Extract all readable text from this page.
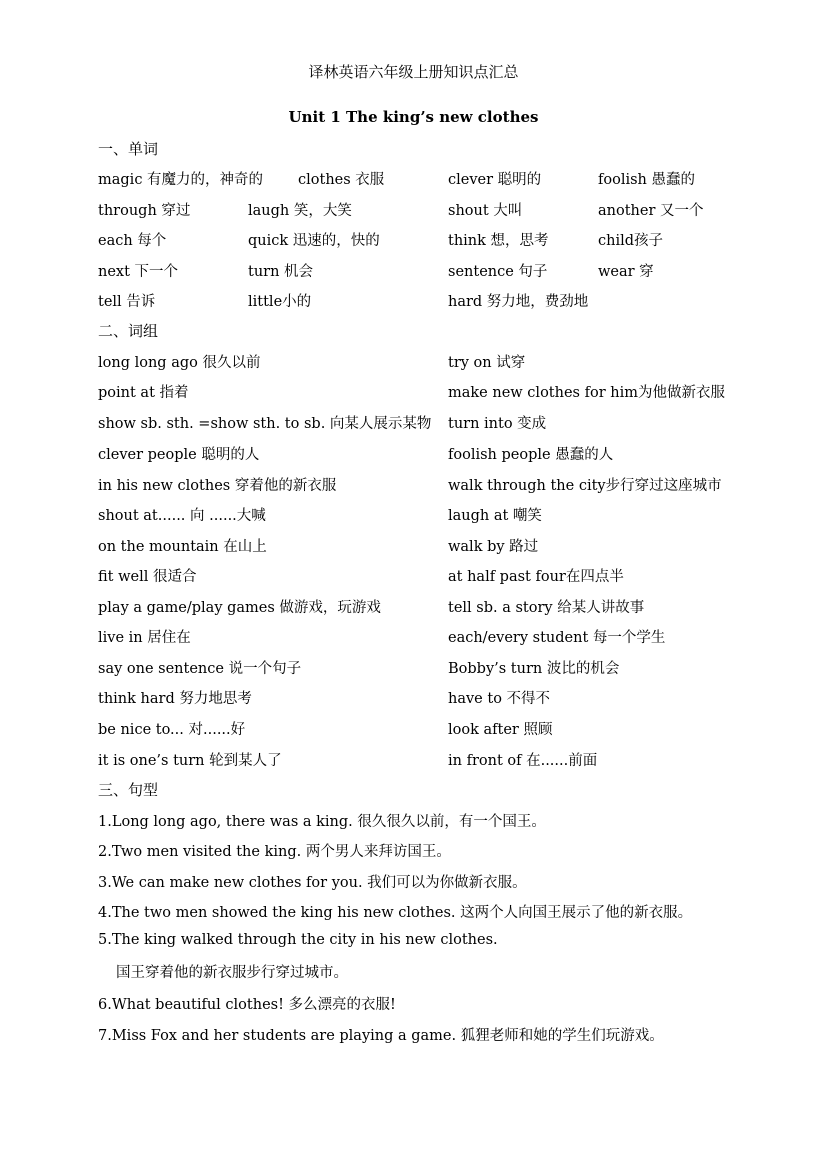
译林英语六年级上册知识点汇总
Unit 1 The king’s new clothes
一、单词
magic 有魔力的，神奇的 clothes 衣服	clever 聪明的	foolish 愚蠢的
through 穿过	laugh 笑，大笑	shout 大叫	another 又一个
each 每个	quick 迅速的，快的	think 想，思考	child孩子
next 下一个	turn 机会	sentence 句子	wear 穿
tell 告诉	little小的	hard 努力地，费劲地
二、词组
long long ago 很久以前	try on 试穿
point at 指着	make new clothes for him为他做新衣服
show sb. sth. =show sth. to sb. 向某人展示某物 turn into 变成
clever people 聪明的人	foolish people 愚蠢的人
in his new clothes 穿着他的新衣服	walk through the city步行穿过这座城市
shout at...... 向 ......大喊	laugh at 嘲笑
on the mountain 在山上	walk by 路过
fit well 很适合	at half past four在四点半
play a game/play games 做游戏，玩游戏	tell sb. a story 给某人讲故事
live in 居住在	each/every student 每一个学生
say one sentence 说一个句子	Bobby’s turn 波比的机会
think hard 努力地思考	have to 不得不
be nice to... 对......好	look after 照顾
it is one’s turn 轮到某人了	in front of 在......前面
三、句型
1.Long long ago, there was a king. 很久很久以前，有一个国王。
2.Two men visited the king. 两个男人来拜访国王。
3.We can make new clothes for you. 我们可以为你做新衣服。
4.The two men showed the king his new clothes. 这两个人向国王展示了他的新衣服。
5.The king walked through the city in his new clothes.
国王穿着他的新衣服步行穿过城市。
6.What beautiful clothes! 多么漂亮的衣服!
7.Miss Fox and her students are playing a game. 狐狸老师和她的学生们玩游戏。
